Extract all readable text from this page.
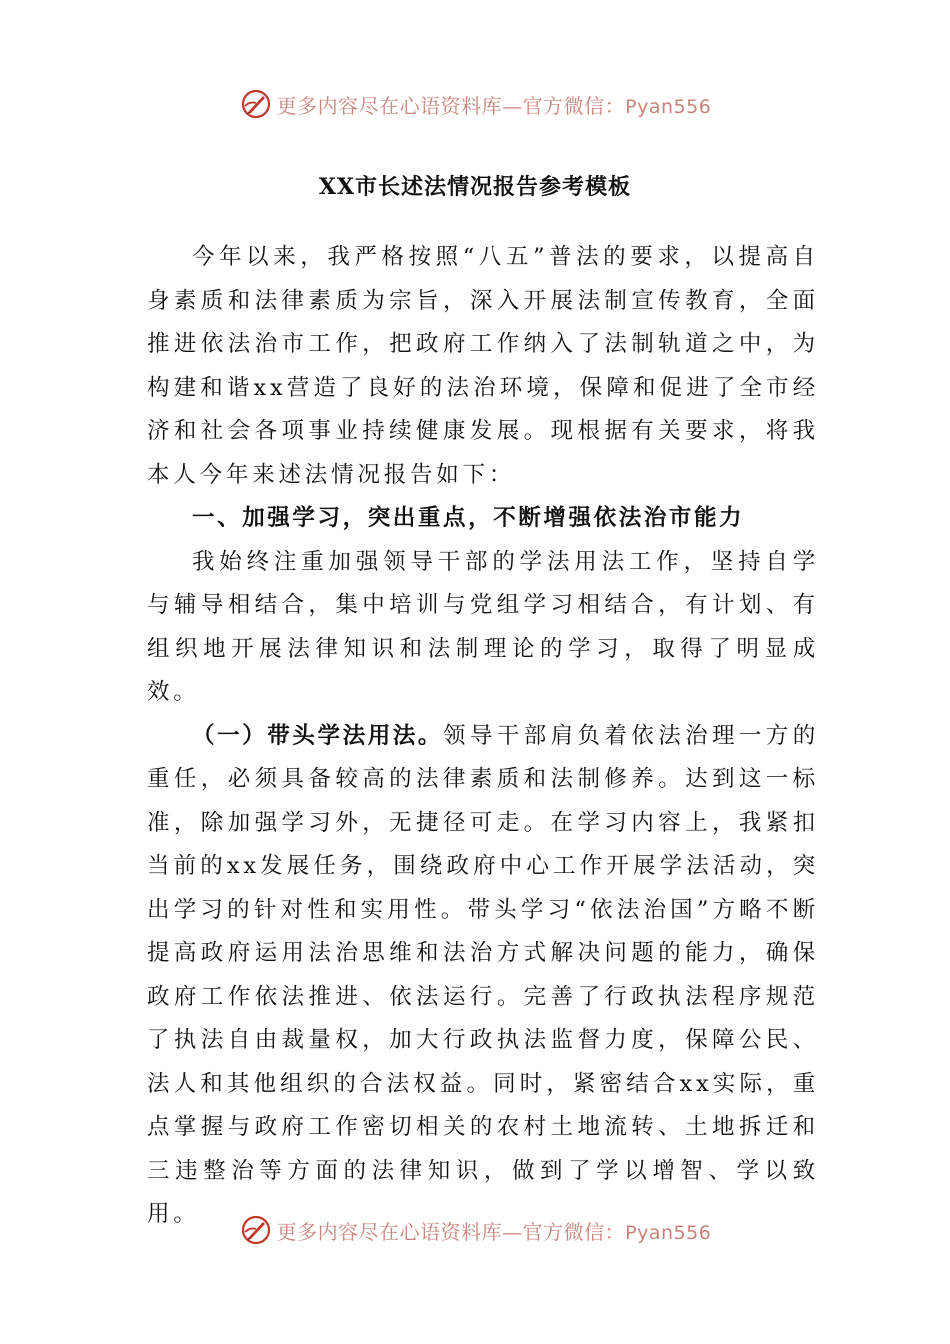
更多内容尽在心语资料库—官方微信：Pyan556
XX市长述法情况报告参考模板

今年以来，我严格按照“八五”普法的要求，以提高自身素质和法律素质为宗旨，深入开展法制宣传教育，全面推进依法治市工作，把政府工作纳入了法制轨道之中，为构建和谐xx营造了良好的法治环境，保障和促进了全市经济和社会各项事业持续健康发展。现根据有关要求，将我本人今年来述法情况报告如下：

一、加强学习，突出重点，不断增强依法治市能力

我始终注重加强领导干部的学法用法工作，坚持自学与辅导相结合，集中培训与党组学习相结合，有计划、有组织地开展法律知识和法制理论的学习，取得了明显成效。

（一）带头学法用法。领导干部肩负着依法治理一方的重任，必须具备较高的法律素质和法制修养。达到这一标准，除加强学习外，无捷径可走。在学习内容上，我紧扣当前的xx发展任务，围绕政府中心工作开展学法活动，突出学习的针对性和实用性。带头学习“依法治国”方略不断提高政府运用法治思维和法治方式解决问题的能力，确保政府工作依法推进、依法运行。完善了行政执法程序规范了执法自由裁量权，加大行政执法监督力度，保障公民、法人和其他组织的合法权益。同时，紧密结合xx实际，重点掌握与政府工作密切相关的农村土地流转、土地拆迁和三违整治等方面的法律知识，做到了学以增智、学以致用。

更多内容尽在心语资料库—官方微信：Pyan556
